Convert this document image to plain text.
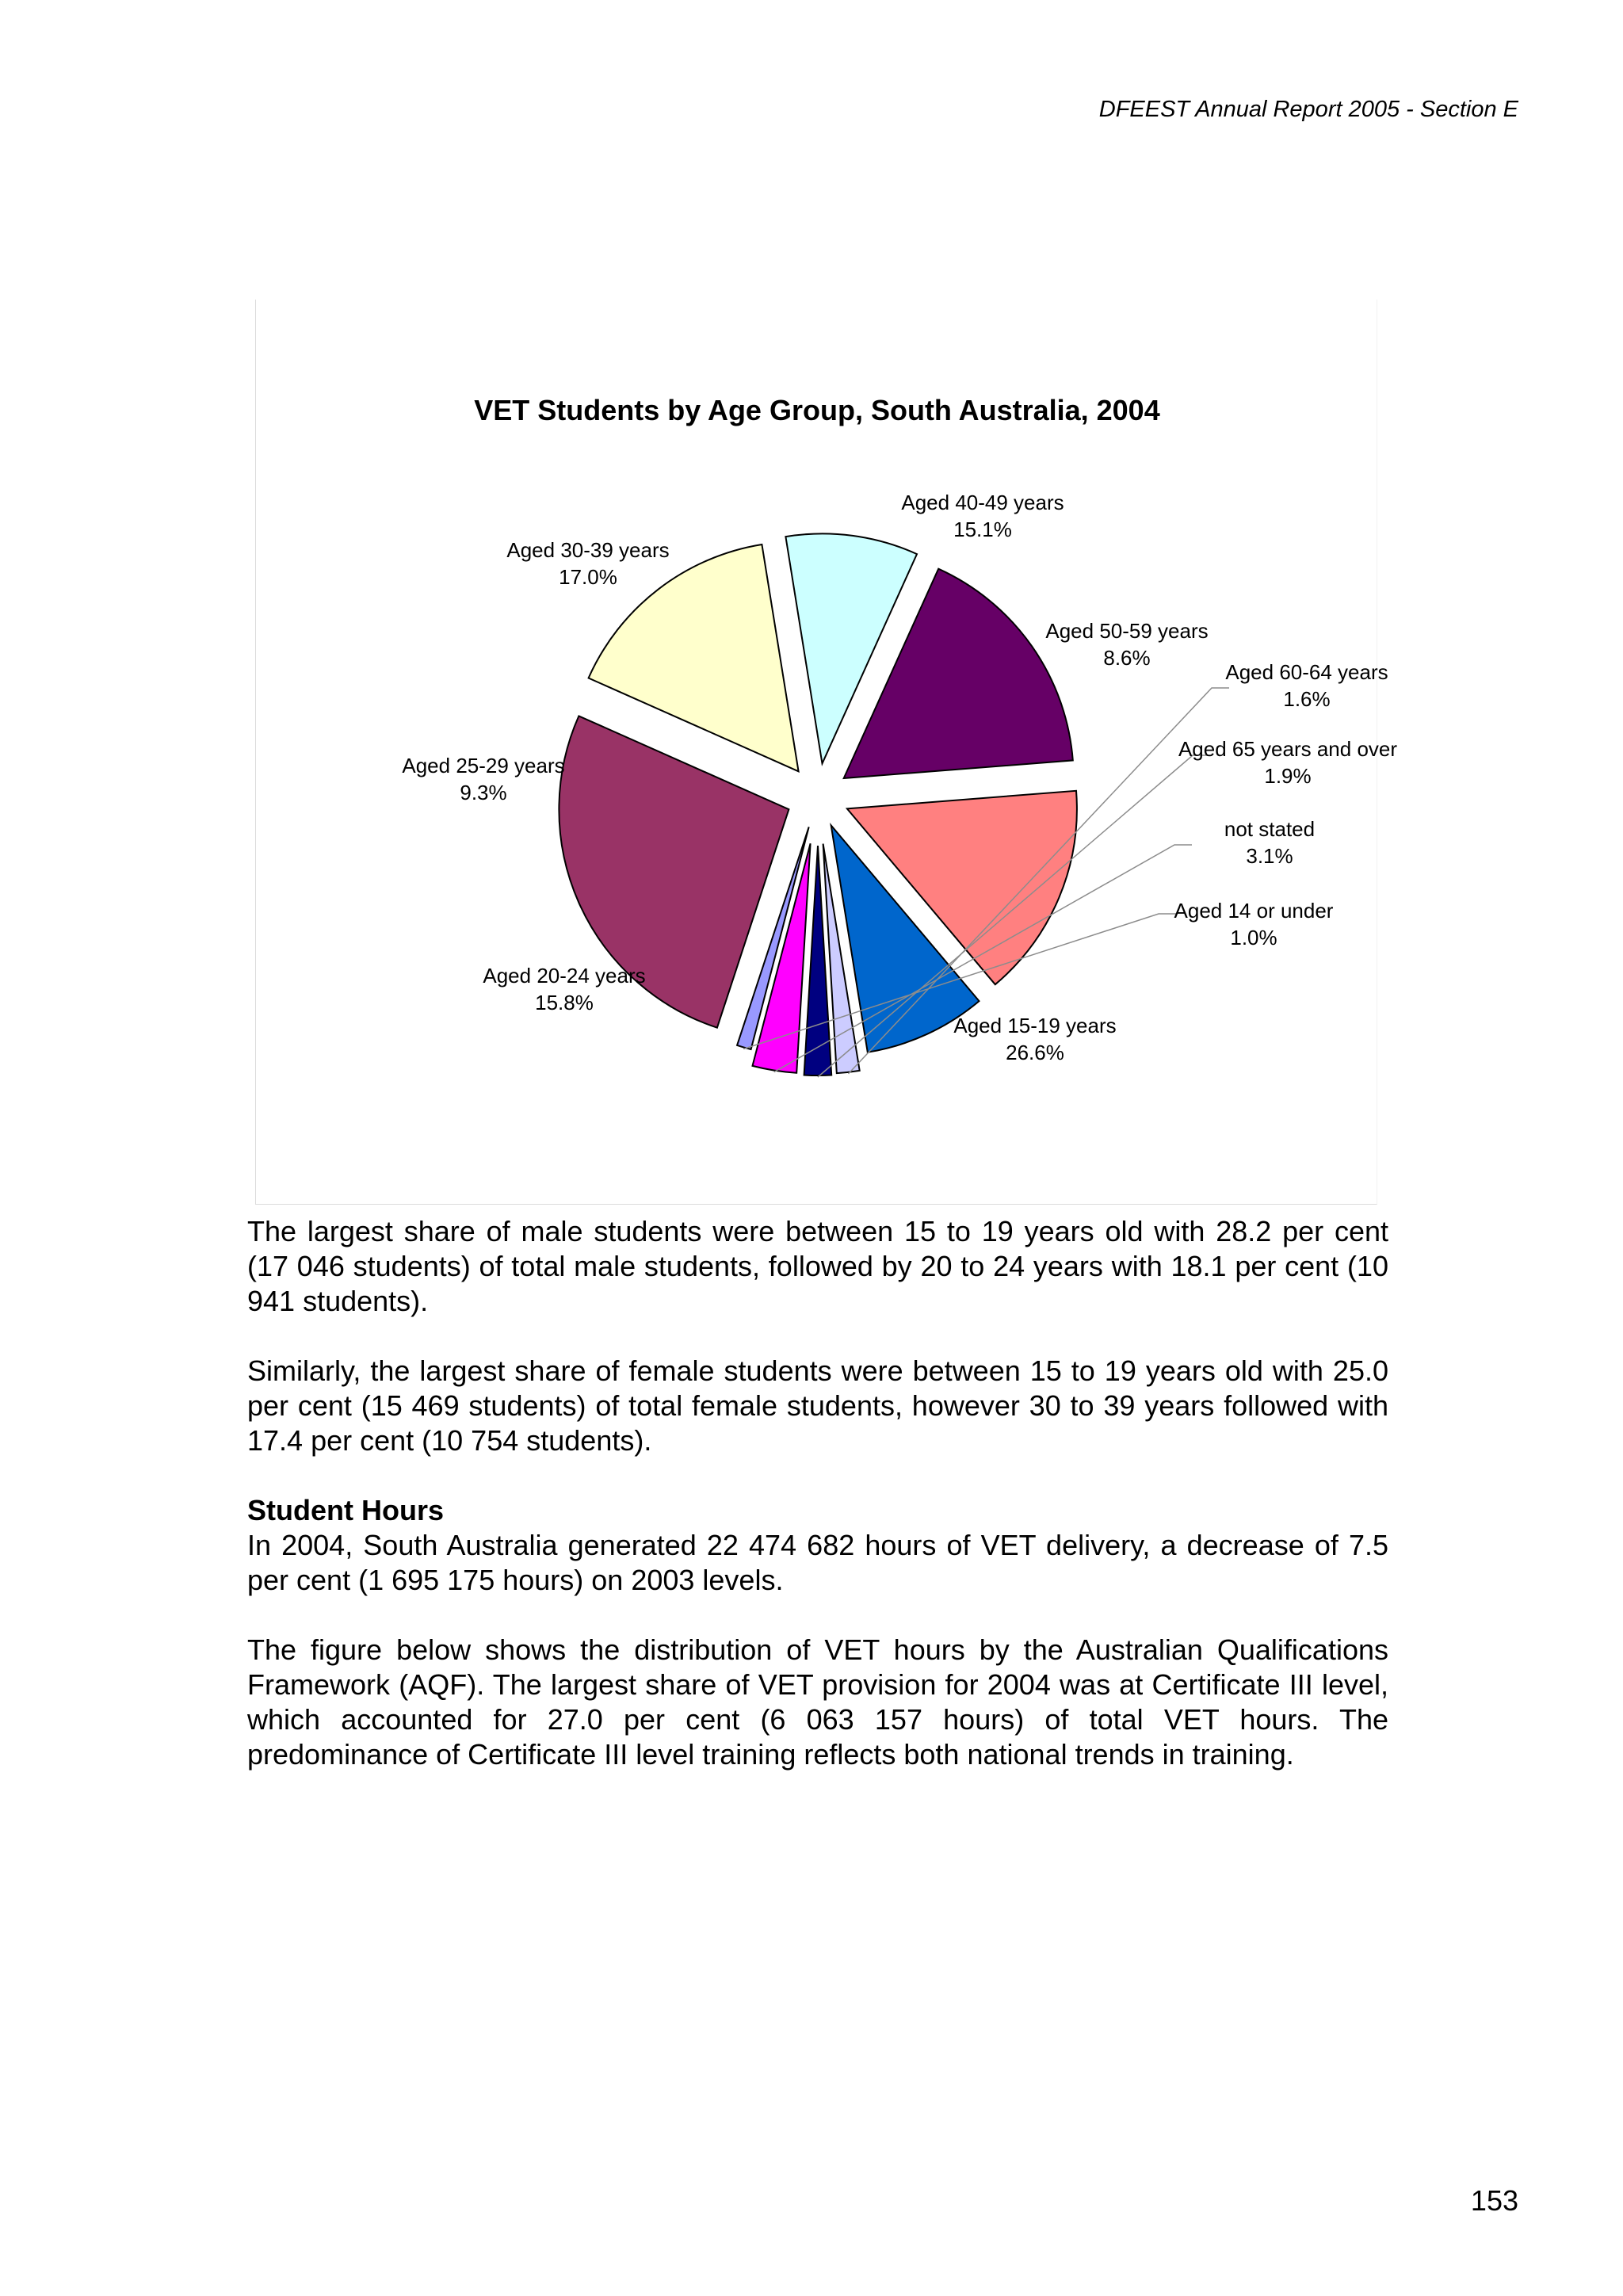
DFEEST Annual Report 2005 - Section E
VET Students by Age Group, South Australia, 2004
Aged 14 or under
1.0%
Aged 15-19 years
26.6%
Aged 20-24 years
15.8%
Aged 25-29 years
9.3%
Aged 30-39 years
17.0%
Aged 40-49 years
15.1%
Aged 50-59 years
8.6%
Aged 60-64 years
1.6%
Aged 65 years and over
1.9%
not stated
3.1%

The largest share of male students were between 15 to 19 years old with 28.2 per cent (17 046 students) of total male students, followed by 20 to 24 years with 18.1 per cent (10 941 students).

Similarly, the largest share of female students were between 15 to 19 years old with 25.0 per cent (15 469 students) of total female students, however 30 to 39 years followed with 17.4 per cent (10 754 students).

Student Hours

In 2004, South Australia generated 22 474 682 hours of VET delivery, a decrease of 7.5 per cent (1 695 175 hours) on 2003 levels.

The figure below shows the distribution of VET hours by the Australian Qualifications Framework (AQF). The largest share of VET provision for 2004 was at Certificate III level, which accounted for 27.0 per cent (6 063 157 hours) of total VET hours. The predominance of Certificate III level training reflects both national trends in training.

153
